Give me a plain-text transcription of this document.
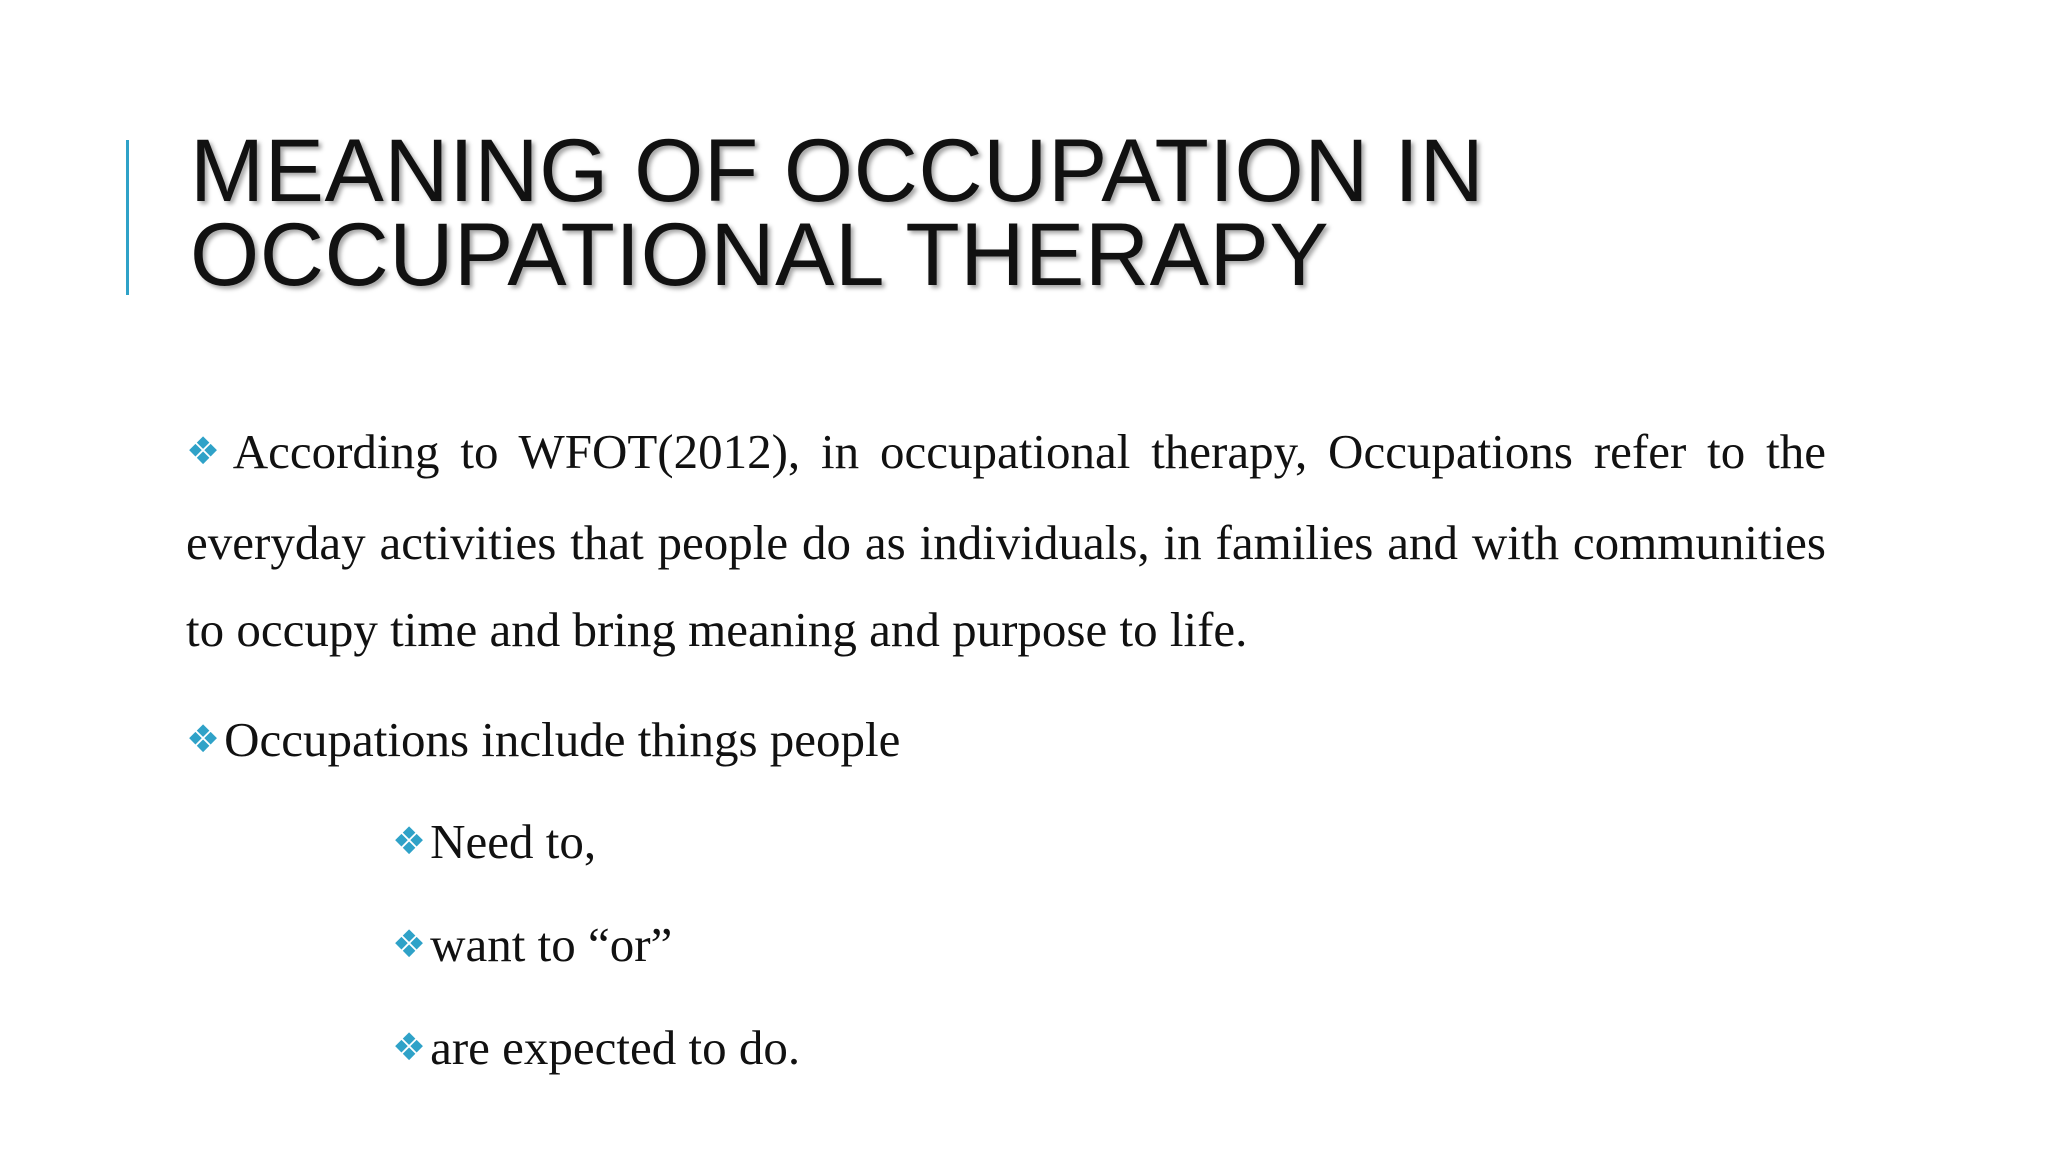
MEANING OF OCCUPATION IN
OCCUPATIONAL THERAPY

❖According to WFOT(2012), in occupational therapy, Occupations refer to the everyday activities that people do as individuals, in families and with communities to occupy time and bring meaning and purpose to life.

❖Occupations include things people

❖Need to,
❖want to “or”
❖are expected to do.
